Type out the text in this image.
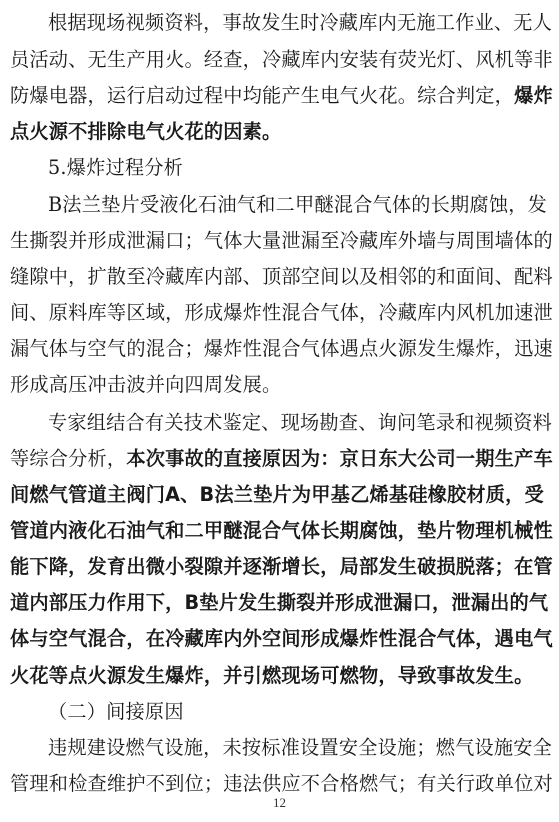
根据现场视频资料，事故发生时冷藏库内无施工作业、无人
员活动、无生产用火。经查，冷藏库内安装有荧光灯、风机等非
防爆电器，运行启动过程中均能产生电气火花。综合判定，爆炸
点火源不排除电气火花的因素。
5.爆炸过程分析
B法兰垫片受液化石油气和二甲醚混合气体的长期腐蚀，发
生撕裂并形成泄漏口；气体大量泄漏至冷藏库外墙与周围墙体的
缝隙中，扩散至冷藏库内部、顶部空间以及相邻的和面间、配料
间、原料库等区域，形成爆炸性混合气体，冷藏库内风机加速泄
漏气体与空气的混合；爆炸性混合气体遇点火源发生爆炸，迅速
形成高压冲击波并向四周发展。
专家组结合有关技术鉴定、现场勘查、询问笔录和视频资料
等综合分析，本次事故的直接原因为：京日东大公司一期生产车
间燃气管道主阀门A、B法兰垫片为甲基乙烯基硅橡胶材质，受
管道内液化石油气和二甲醚混合气体长期腐蚀，垫片物理机械性
能下降，发育出微小裂隙并逐渐增长，局部发生破损脱落；在管
道内部压力作用下，B垫片发生撕裂并形成泄漏口，泄漏出的气
体与空气混合，在冷藏库内外空间形成爆炸性混合气体，遇电气
火花等点火源发生爆炸，并引燃现场可燃物，导致事故发生。
（二）间接原因
违规建设燃气设施，未按标准设置安全设施；燃气设施安全
管理和检查维护不到位；违法供应不合格燃气；有关行政单位对
12
